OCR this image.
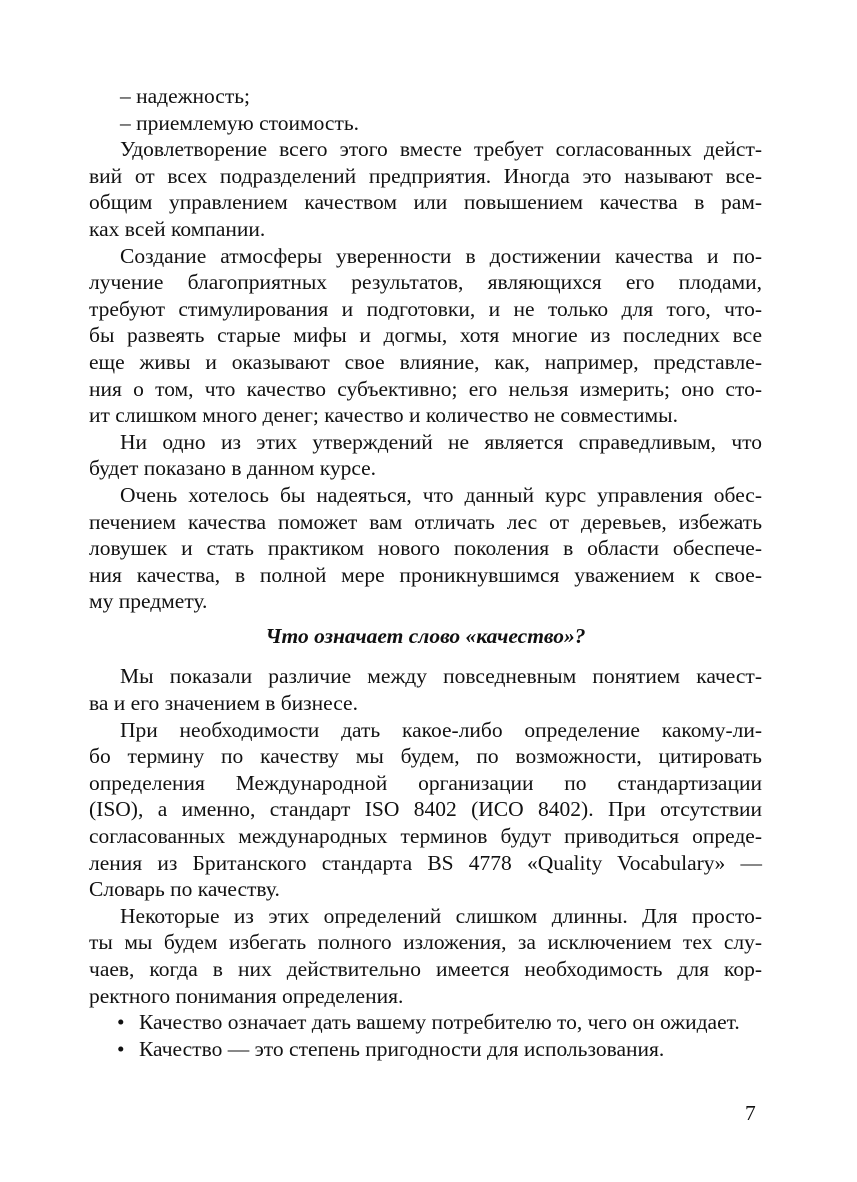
– надежность;
– приемлемую стоимость.
Удовлетворение всего этого вместе требует согласованных дейст-
вий от всех подразделений предприятия. Иногда это называют все-
общим управлением качеством или повышением качества в рам-
ках всей компании.
Создание атмосферы уверенности в достижении качества и по-
лучение благоприятных результатов, являющихся его плодами,
требуют стимулирования и подготовки, и не только для того, что-
бы развеять старые мифы и догмы, хотя многие из последних все
еще живы и оказывают свое влияние, как, например, представле-
ния о том, что качество субъективно; его нельзя измерить; оно сто-
ит слишком много денег; качество и количество не совместимы.
Ни одно из этих утверждений не является справедливым, что
будет показано в данном курсе.
Очень хотелось бы надеяться, что данный курс управления обес-
печением качества поможет вам отличать лес от деревьев, избежать
ловушек и стать практиком нового поколения в области обеспече-
ния качества, в полной мере проникнувшимся уважением к свое-
му предмету.
Что означает слово «качество»?
Мы показали различие между повседневным понятием качест-
ва и его значением в бизнесе.
При необходимости дать какое-либо определение какому-ли-
бо термину по качеству мы будем, по возможности, цитировать
определения Международной организации по стандартизации
(ISO), а именно, стандарт ISO 8402 (ИСО 8402). При отсутствии
согласованных международных терминов будут приводиться опреде-
ления из Британского стандарта BS 4778 «Quality Vocabulary» —
Словарь по качеству.
Некоторые из этих определений слишком длинны. Для просто-
ты мы будем избегать полного изложения, за исключением тех слу-
чаев, когда в них действительно имеется необходимость для кор-
ректного понимания определения.
• Качество означает дать вашему потребителю то, чего он ожидает.
• Качество — это степень пригодности для использования.
7
